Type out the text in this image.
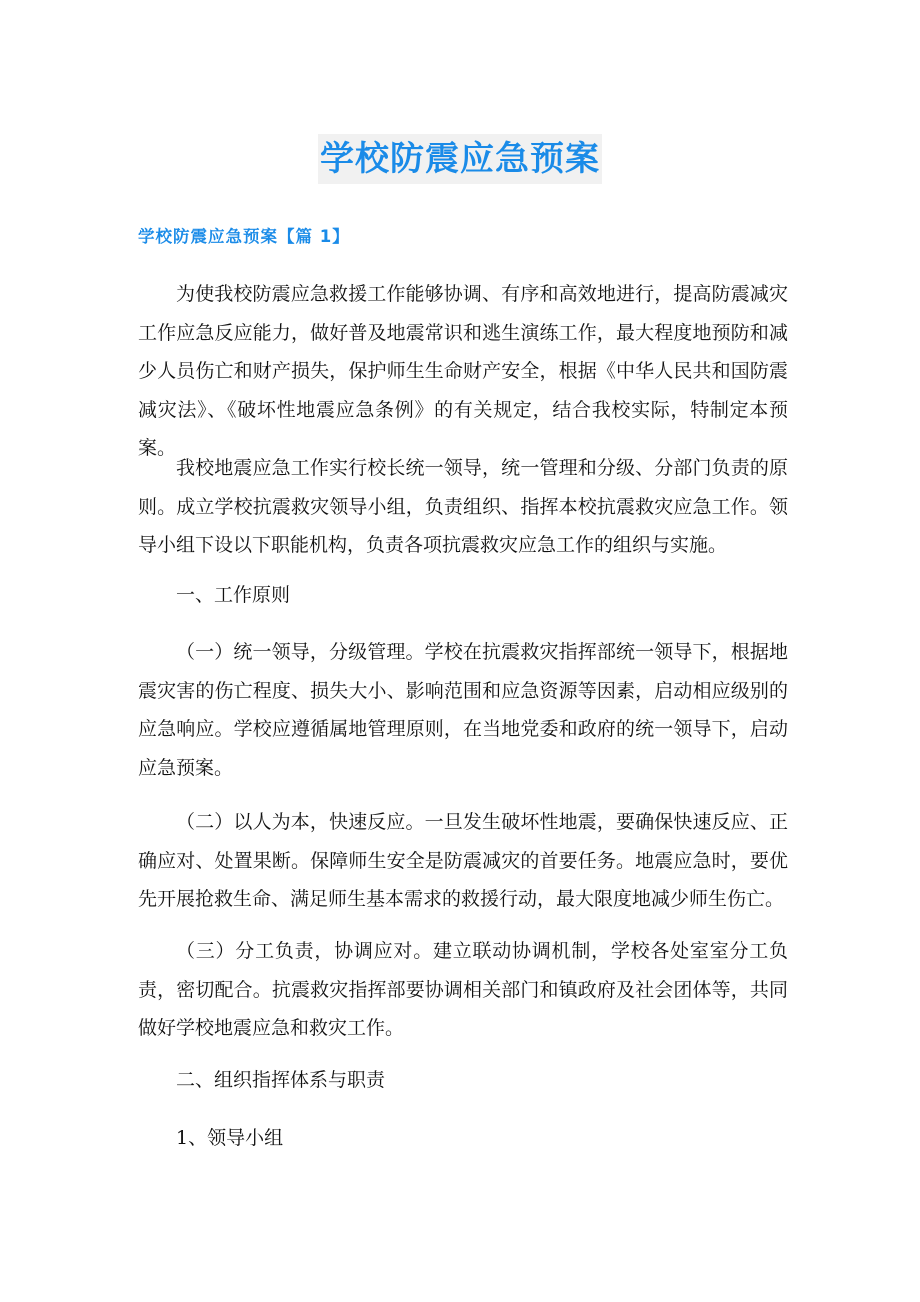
学校防震应急预案
学校防震应急预案【篇 1】

为使我校防震应急救援工作能够协调、有序和高效地进行，提高防震减灾工作应急反应能力，做好普及地震常识和逃生演练工作，最大程度地预防和减少人员伤亡和财产损失，保护师生生命财产安全，根据《中华人民共和国防震减灾法》、《破坏性地震应急条例》的有关规定，结合我校实际，特制定本预案。

我校地震应急工作实行校长统一领导，统一管理和分级、分部门负责的原则。成立学校抗震救灾领导小组，负责组织、指挥本校抗震救灾应急工作。领导小组下设以下职能机构，负责各项抗震救灾应急工作的组织与实施。

一、工作原则

（一）统一领导，分级管理。学校在抗震救灾指挥部统一领导下，根据地震灾害的伤亡程度、损失大小、影响范围和应急资源等因素，启动相应级别的应急响应。学校应遵循属地管理原则，在当地党委和政府的统一领导下，启动应急预案。

（二）以人为本，快速反应。一旦发生破坏性地震，要确保快速反应、正确应对、处置果断。保障师生安全是防震减灾的首要任务。地震应急时，要优先开展抢救生命、满足师生基本需求的救援行动，最大限度地减少师生伤亡。

（三）分工负责，协调应对。建立联动协调机制，学校各处室室分工负责，密切配合。抗震救灾指挥部要协调相关部门和镇政府及社会团体等，共同做好学校地震应急和救灾工作。

二、组织指挥体系与职责

1、领导小组
